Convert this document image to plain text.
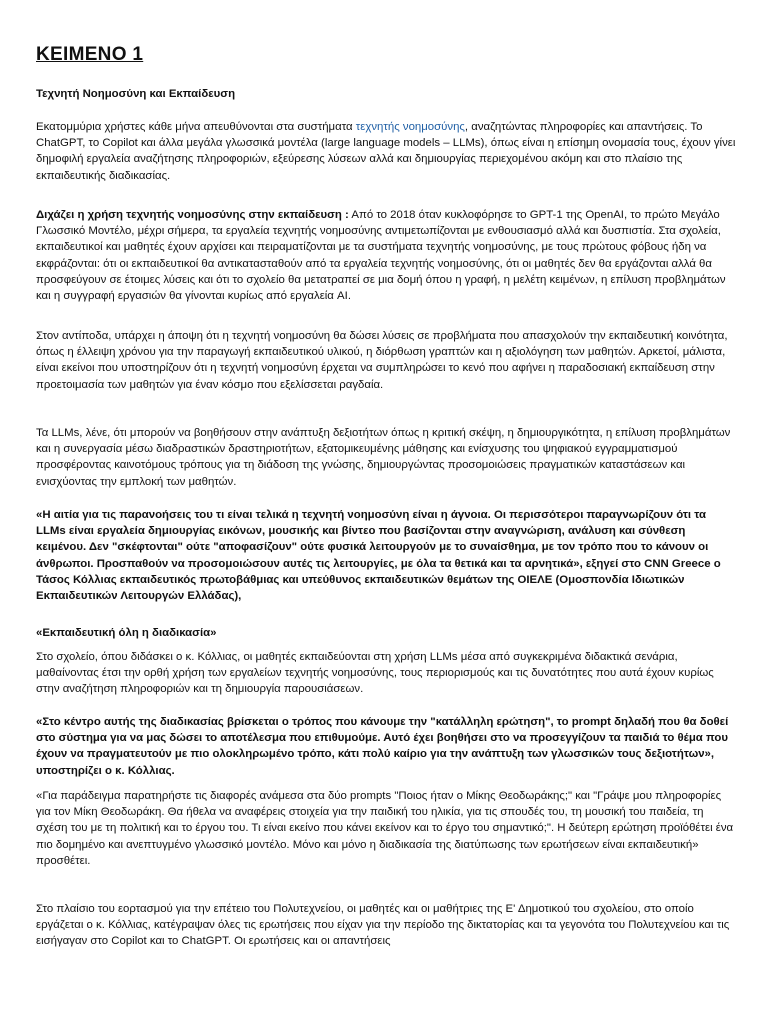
ΚΕΙΜΕΝΟ 1

Τεχνητή Νοημοσύνη και Εκπαίδευση

Εκατομμύρια χρήστες κάθε μήνα απευθύνονται στα συστήματα τεχνητής νοημοσύνης, αναζητώντας πληροφορίες και απαντήσεις. Το ChatGPT, το Copilot και άλλα μεγάλα γλωσσικά μοντέλα (large language models – LLMs), όπως είναι η επίσημη ονομασία τους, έχουν γίνει δημοφιλή εργαλεία αναζήτησης πληροφοριών, εξεύρεσης λύσεων αλλά και δημιουργίας περιεχομένου ακόμη και στο πλαίσιο της εκπαιδευτικής διαδικασίας.

Διχάζει η χρήση τεχνητής νοημοσύνης στην εκπαίδευση : Από το 2018 όταν κυκλοφόρησε το GPT-1 της OpenAI, το πρώτο Μεγάλο Γλωσσικό Μοντέλο, μέχρι σήμερα, τα εργαλεία τεχνητής νοημοσύνης αντιμετωπίζονται με ενθουσιασμό αλλά και δυσπιστία. Στα σχολεία, εκπαιδευτικοί και μαθητές έχουν αρχίσει και πειραματίζονται με τα συστήματα τεχνητής νοημοσύνης, με τους πρώτους φόβους ήδη να εκφράζονται: ότι οι εκπαιδευτικοί θα αντικατασταθούν από τα εργαλεία τεχνητής νοημοσύνης, ότι οι μαθητές δεν θα εργάζονται αλλά θα προσφεύγουν σε έτοιμες λύσεις και ότι το σχολείο θα μετατραπεί σε μια δομή όπου η γραφή, η μελέτη κειμένων, η επίλυση προβλημάτων και η συγγραφή εργασιών θα γίνονται κυρίως από εργαλεία AI.

Στον αντίποδα, υπάρχει η άποψη ότι η τεχνητή νοημοσύνη θα δώσει λύσεις σε προβλήματα που απασχολούν την εκπαιδευτική κοινότητα, όπως η έλλειψη χρόνου για την παραγωγή εκπαιδευτικού υλικού, η διόρθωση γραπτών και η αξιολόγηση των μαθητών. Αρκετοί, μάλιστα, είναι εκείνοι που υποστηρίζουν ότι η τεχνητή νοημοσύνη έρχεται να συμπληρώσει το κενό που αφήνει η παραδοσιακή εκπαίδευση στην προετοιμασία των μαθητών για έναν κόσμο που εξελίσσεται ραγδαία.

Τα LLMs, λένε, ότι μπορούν να βοηθήσουν στην ανάπτυξη δεξιοτήτων όπως η κριτική σκέψη, η δημιουργικότητα, η επίλυση προβλημάτων και η συνεργασία μέσω διαδραστικών δραστηριοτήτων, εξατομικευμένης μάθησης και ενίσχυσης του ψηφιακού εγγραμματισμού προσφέροντας καινοτόμους τρόπους για τη διάδοση της γνώσης, δημιουργώντας προσομοιώσεις πραγματικών καταστάσεων και ενισχύοντας την εμπλοκή των μαθητών.

«Η αιτία για τις παρανοήσεις του τι είναι τελικά η τεχνητή νοημοσύνη είναι η άγνοια. Οι περισσότεροι παραγνωρίζουν ότι τα LLMs είναι εργαλεία δημιουργίας εικόνων, μουσικής και βίντεο που βασίζονται στην αναγνώριση, ανάλυση και σύνθεση κειμένου. Δεν "σκέφτονται" ούτε "αποφασίζουν" ούτε φυσικά λειτουργούν με το συναίσθημα, με τον τρόπο που το κάνουν οι άνθρωποι. Προσπαθούν να προσομοιώσουν αυτές τις λειτουργίες, με όλα τα θετικά και τα αρνητικά», εξηγεί στο CNN Greece ο Τάσος Κόλλιας εκπαιδευτικός πρωτοβάθμιας και υπεύθυνος εκπαιδευτικών θεμάτων της ΟΙΕΛΕ (Ομοσπονδία Ιδιωτικών Εκπαιδευτικών Λειτουργών Ελλάδας),

«Εκπαιδευτική όλη η διαδικασία»

Στο σχολείο, όπου διδάσκει ο κ. Κόλλιας, οι μαθητές εκπαιδεύονται στη χρήση LLMs μέσα από συγκεκριμένα διδακτικά σενάρια, μαθαίνοντας έτσι την ορθή χρήση των εργαλείων τεχνητής νοημοσύνης, τους περιορισμούς και τις δυνατότητες που αυτά έχουν κυρίως στην αναζήτηση πληροφοριών και τη δημιουργία παρουσιάσεων.

«Στο κέντρο αυτής της διαδικασίας βρίσκεται ο τρόπος που κάνουμε την "κατάλληλη ερώτηση", το prompt δηλαδή που θα δοθεί στο σύστημα για να μας δώσει το αποτέλεσμα που επιθυμούμε. Αυτό έχει βοηθήσει στο να προσεγγίζουν τα παιδιά το θέμα που έχουν να πραγματευτούν με πιο ολοκληρωμένο τρόπο, κάτι πολύ καίριο για την ανάπτυξη των γλωσσικών τους δεξιοτήτων», υποστηρίζει ο κ. Κόλλιας.

«Για παράδειγμα παρατηρήστε τις διαφορές ανάμεσα στα δύο prompts "Ποιος ήταν ο Μίκης Θεοδωράκης;" και "Γράψε μου πληροφορίες για τον Μίκη Θεοδωράκη. Θα ήθελα να αναφέρεις στοιχεία για την παιδική του ηλικία, για τις σπουδές του, τη μουσική του παιδεία, τη σχέση του με τη πολιτική και το έργου του. Τι είναι εκείνο που κάνει εκείνον και το έργο του σημαντικό;". Η δεύτερη ερώτηση προϊόθέτει ένα πιο δομημένο και ανεπτυγμένο γλωσσικό μοντέλο. Μόνο και μόνο η διαδικασία της διατύπωσης των ερωτήσεων είναι εκπαιδευτική» προσθέτει.

Στο πλαίσιο του εορτασμού για την επέτειο του Πολυτεχνείου, οι μαθητές και οι μαθήτριες της Ε' Δημοτικού του σχολείου, στο οποίο εργάζεται ο κ. Κόλλιας, κατέγραψαν όλες τις ερωτήσεις που είχαν για την περίοδο της δικτατορίας και τα γεγονότα του Πολυτεχνείου και τις εισήγαγαν στο Copilot και το ChatGPT. Οι ερωτήσεις και οι απαντήσεις
